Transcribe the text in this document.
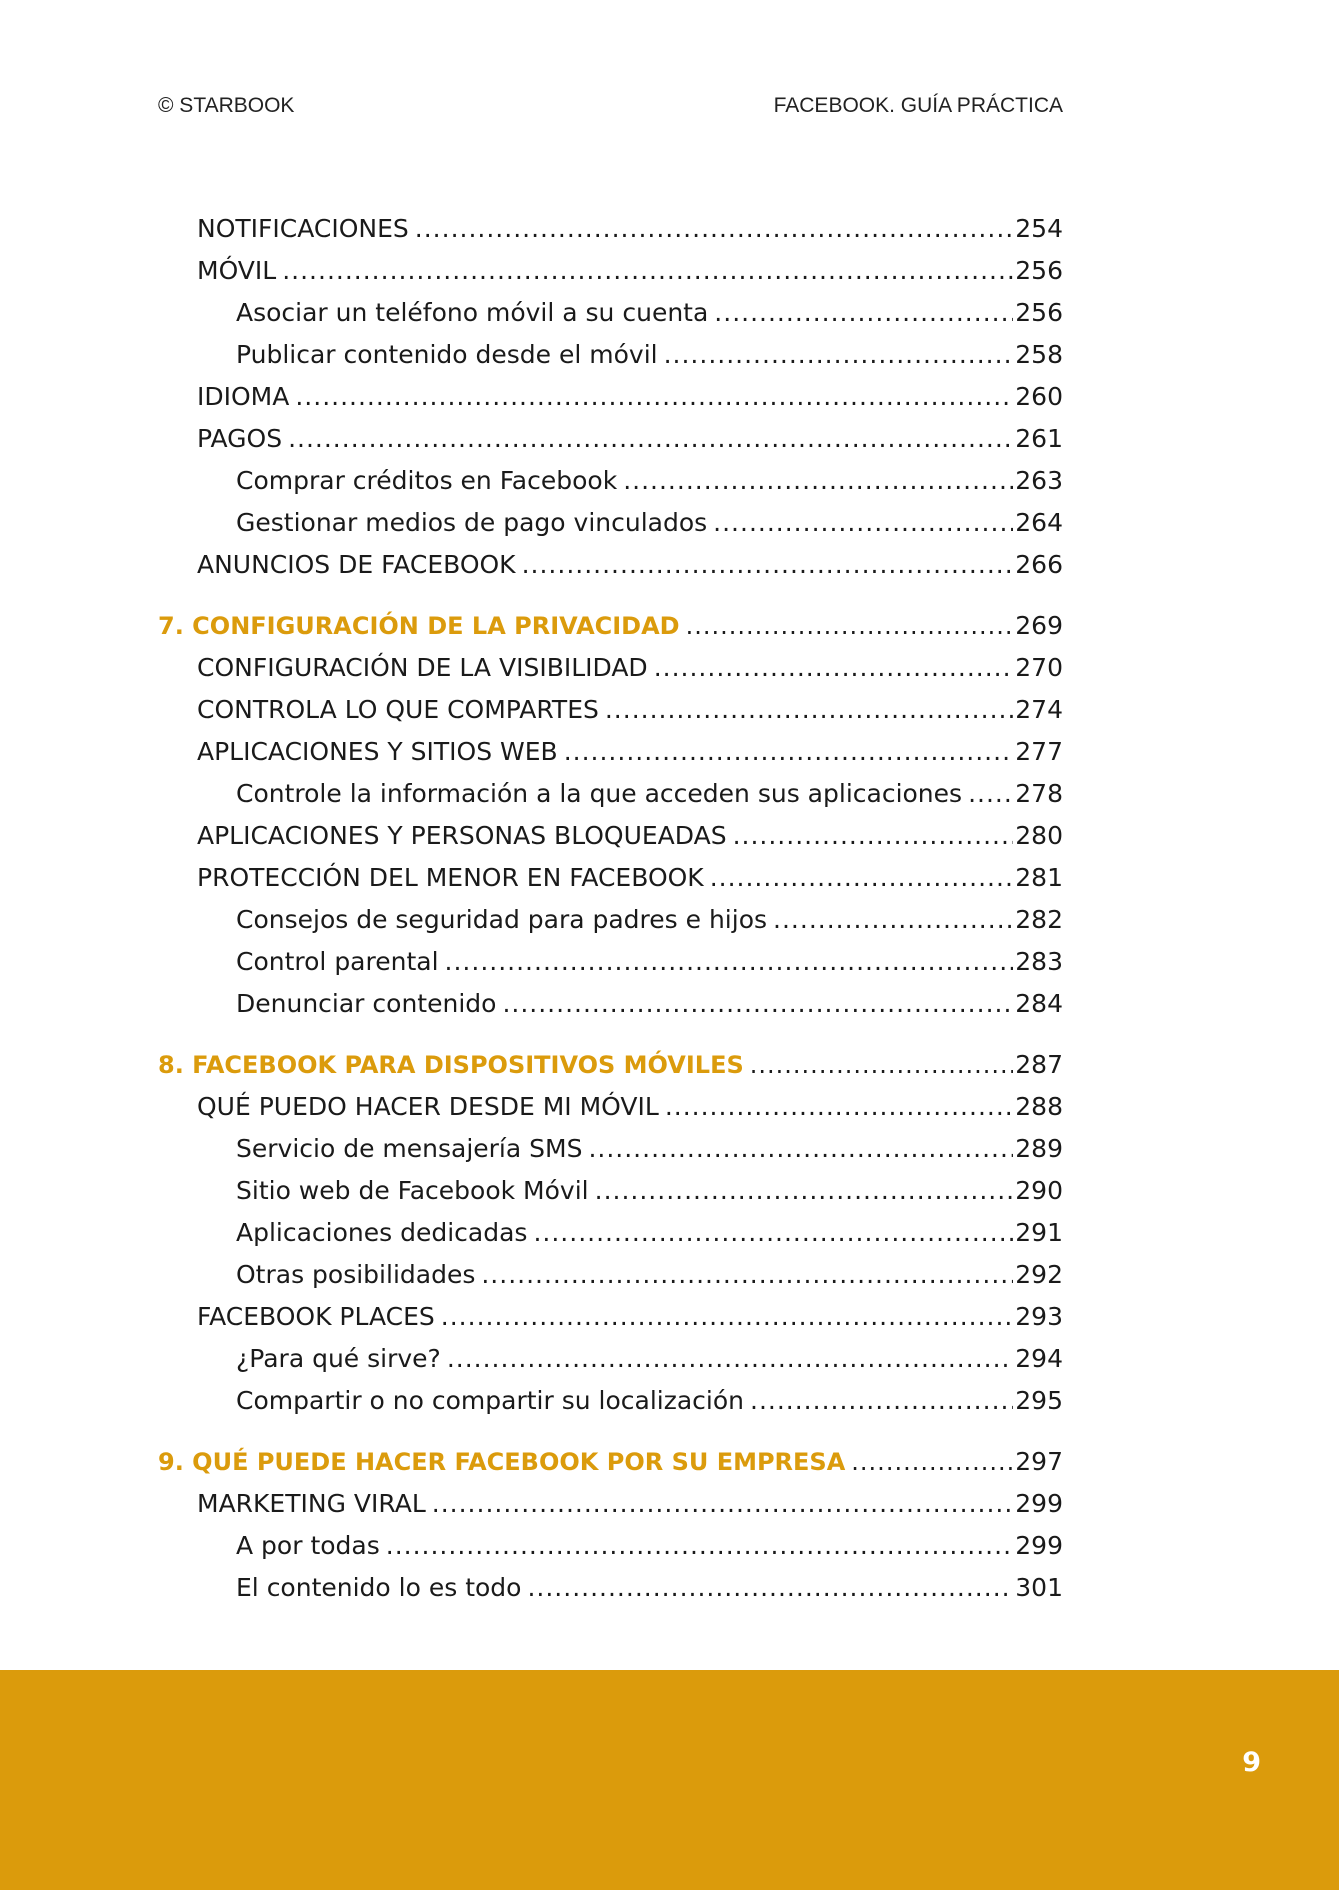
© STARBOOK	FACEBOOK. GUÍA PRÁCTICA
NOTIFICACIONES .....	254
MÓVIL .....	256
Asociar un teléfono móvil a su cuenta .....	256
Publicar contenido desde el móvil .....	258
IDIOMA .....	260
PAGOS .....	261
Comprar créditos en Facebook .....	263
Gestionar medios de pago vinculados .....	264
ANUNCIOS DE FACEBOOK .....	266
7. CONFIGURACIÓN DE LA PRIVACIDAD .....	269
CONFIGURACIÓN DE LA VISIBILIDAD .....	270
CONTROLA LO QUE COMPARTES .....	274
APLICACIONES Y SITIOS WEB .....	277
Controle la información a la que acceden sus aplicaciones ..... 278
APLICACIONES Y PERSONAS BLOQUEADAS .....	280
PROTECCIÓN DEL MENOR EN FACEBOOK .....	281
Consejos de seguridad para padres e hijos .....	282
Control parental .....	283
Denunciar contenido .....	284
8. FACEBOOK PARA DISPOSITIVOS MÓVILES .....	287
QUÉ PUEDO HACER DESDE MI MÓVIL .....	288
Servicio de mensajería SMS .....	289
Sitio web de Facebook Móvil .....	290
Aplicaciones dedicadas .....	291
Otras posibilidades .....	292
FACEBOOK PLACES .....	293
¿Para qué sirve? .....	294
Compartir o no compartir su localización .....	295
9. QUÉ PUEDE HACER FACEBOOK POR SU EMPRESA .....	297
MARKETING VIRAL .....	299
A por todas .....	299
El contenido lo es todo .....	301
9
